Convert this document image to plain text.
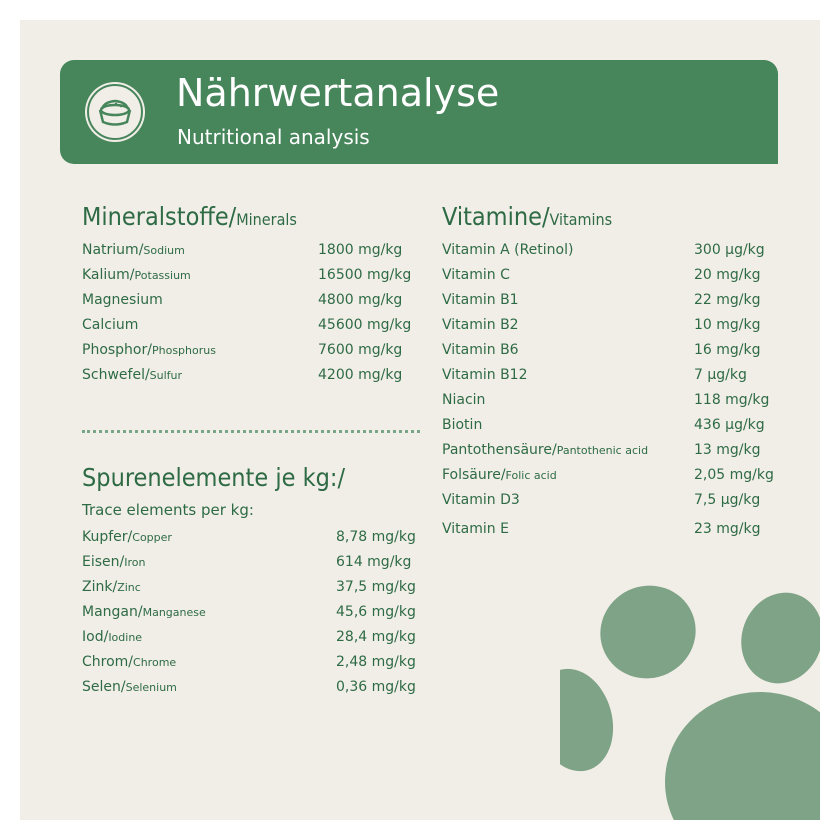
Nährwertanalyse
Nutritional analysis
Mineralstoffe/Minerals
Natrium/Sodium	1800 mg/kg
Kalium/Potassium	16500 mg/kg
Magnesium	4800 mg/kg
Calcium	45600 mg/kg
Phosphor/Phosphorus	7600 mg/kg
Schwefel/Sulfur	4200 mg/kg
Spurenelemente je kg:/
Trace elements per kg:
Kupfer/Copper	8,78 mg/kg
Eisen/Iron	614 mg/kg
Zink/Zinc	37,5 mg/kg
Mangan/Manganese	45,6 mg/kg
Iod/Iodine	28,4 mg/kg
Chrom/Chrome	2,48 mg/kg
Selen/Selenium	0,36 mg/kg
Vitamine/Vitamins
Vitamin A (Retinol)	300 µg/kg
Vitamin C	20 mg/kg
Vitamin B1	22 mg/kg
Vitamin B2	10 mg/kg
Vitamin B6	16 mg/kg
Vitamin B12	7 µg/kg
Niacin	118 mg/kg
Biotin	436 µg/kg
Pantothensäure/Pantothenic acid	13 mg/kg
Folsäure/Folic acid	2,05 mg/kg
Vitamin D3	7,5 µg/kg
Vitamin E	23 mg/kg
